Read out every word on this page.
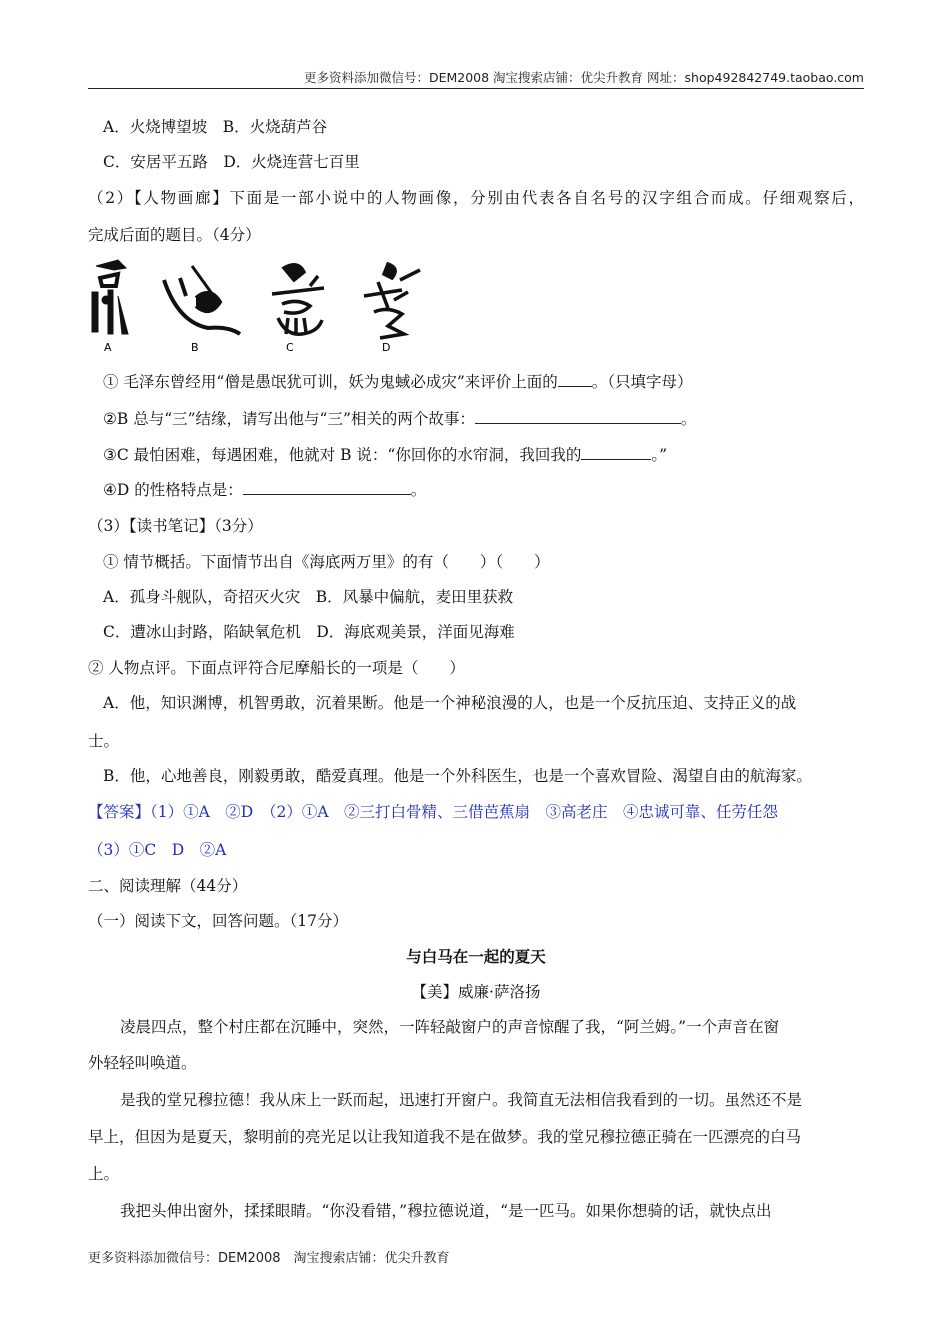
更多资料添加微信号：DEM2008 淘宝搜索店铺：优尖升教育 网址：shop492842749.taobao.com
A．火烧博望坡　B．火烧葫芦谷
C．安居平五路　D．火烧连营七百里
（2）【人物画廊】下面是一部小说中的人物画像，分别由代表各自名号的汉字组合而成。仔细观察后，
完成后面的题目。（4分）
A	B	C	D
① 毛泽东曾经用“僧是愚氓犹可训，妖为鬼蜮必成灾”来评价上面的 。（只填字母）
②B 总与“三”结缘，请写出他与“三”相关的两个故事：	。
③C 最怕困难，每遇困难，他就对 B 说：“你回你的水帘洞，我回我的	。”
④D 的性格特点是：	。
（3）【读书笔记】（3分）
① 情节概括。下面情节出自《海底两万里》的有（　　）（　　）
A．孤身斗舰队，奇招灭火灾　B．风暴中偏航，麦田里获救
C．遭冰山封路，陷缺氧危机　D．海底观美景，洋面见海难
② 人物点评。下面点评符合尼摩船长的一项是（　　）
A．他，知识渊博，机智勇敢，沉着果断。他是一个神秘浪漫的人，也是一个反抗压迫、支持正义的战
士。
B．他，心地善良，刚毅勇敢，酷爱真理。他是一个外科医生，也是一个喜欢冒险、渴望自由的航海家。
【答案】（1）①A　②D　（2）①A　②三打白骨精、三借芭蕉扇　③高老庄　④忠诚可靠、任劳任怨
（3）①C　D　②A
二、阅读理解（44分）
（一）阅读下文，回答问题。（17分）
与白马在一起的夏天
【美】威廉·萨洛扬
凌晨四点，整个村庄都在沉睡中，突然，一阵轻敲窗户的声音惊醒了我，“阿兰姆。”一个声音在窗
外轻轻叫唤道。
是我的堂兄穆拉德！我从床上一跃而起，迅速打开窗户。我简直无法相信我看到的一切。虽然还不是
早上，但因为是夏天，黎明前的亮光足以让我知道我不是在做梦。我的堂兄穆拉德正骑在一匹漂亮的白马
上。
我把头伸出窗外，揉揉眼睛。“你没看错，”穆拉德说道，“是一匹马。如果你想骑的话，就快点出
更多资料添加微信号：DEM2008　淘宝搜索店铺：优尖升教育
